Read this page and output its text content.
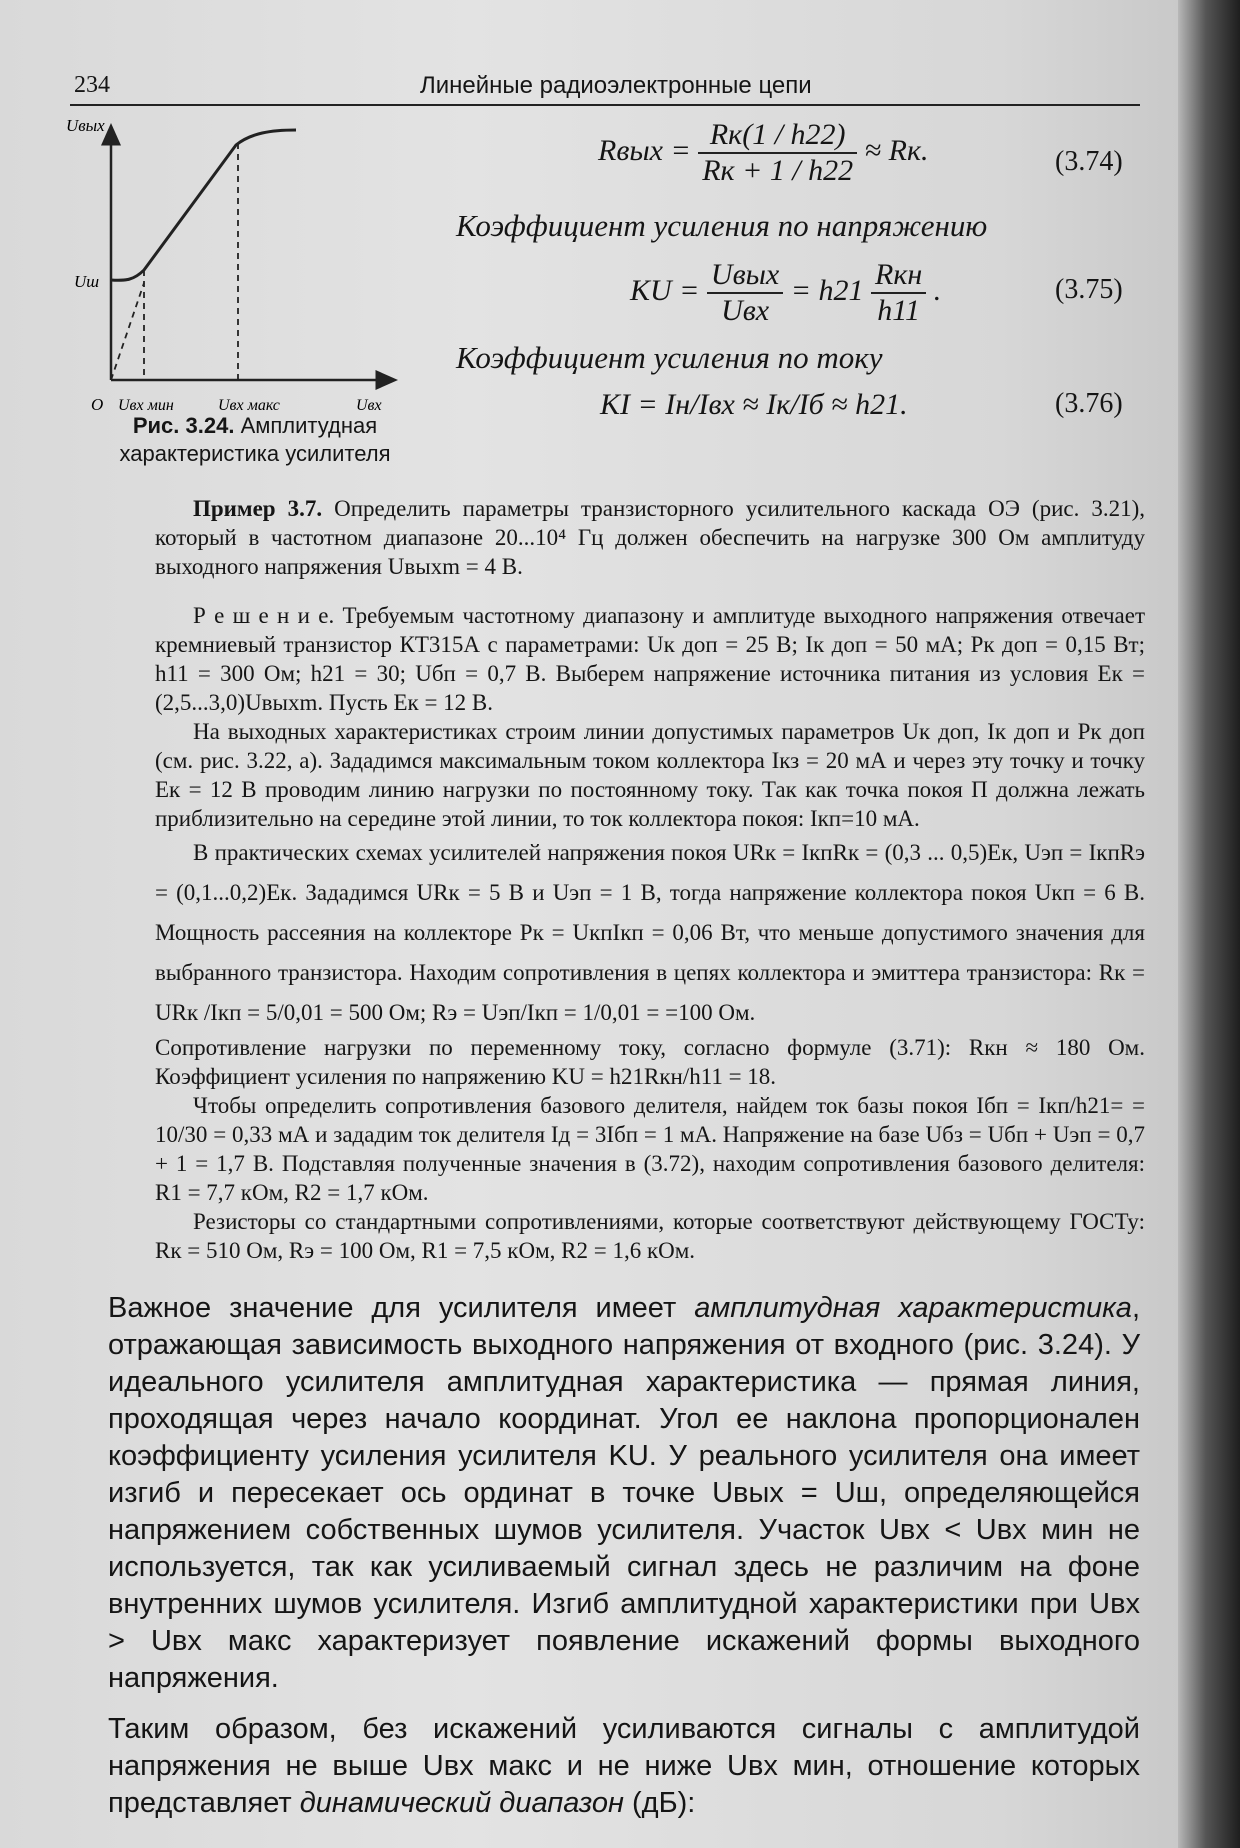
234	Линейные радиоэлектронные цепи
Uвых
Uш
O Uвх мин	Uвх макс	Uвх
Рис. 3.24. Амплитудная
характеристика усилителя
Rвых = $\frac{Rк(1 / h22)}{Rк + 1 / h22}$ ≈ Rк.	(3.74)
Коэффициент усиления по напряжению
KU = $\frac{\text{Uвых}}{\text{Uвх}} = h21 \frac{\text{Rкн}}{h11}$ .	(3.75)
Коэффициент усиления по току
KI = Iн/Iвх ≈ Iк/Iб ≈ h21.	(3.76)

Пример 3.7. Определить параметры транзисторного усилительного каскада ОЭ (рис. 3.21), который в частотном диапазоне 20...10⁴ Гц должен обеспечить на нагрузке 300 Ом амплитуду выходного напряжения Uвыхm = 4 В.

Р е ш е н и е. Требуемым частотному диапазону и амплитуде выходного напряжения отвечает кремниевый транзистор КТ315А с параметрами: Uк доп = 25 В; Iк доп = 50 мА; Pк доп = 0,15 Вт; h11 = 300 Ом; h21 = 30; Uбп = 0,7 В. Выберем напряжение источника питания из условия Eк = (2,5...3,0)Uвыхm. Пусть Eк = 12 В.

На выходных характеристиках строим линии допустимых параметров Uк доп, Iк доп и Pк доп (см. рис. 3.22, а). Зададимся максимальным током коллектора Iкз = 20 мА и через эту точку и точку Eк = 12 В проводим линию нагрузки по постоянному току. Так как точка покоя П должна лежать приблизительно на середине этой линии, то ток коллектора покоя: Iкп=10 мА.

В практических схемах усилителей напряжения покоя URк = IкпRк = (0,3 ... 0,5)Eк, Uэп = IкпRэ = (0,1...0,2)Eк. Зададимся URк = 5 В и Uэп = 1 В, тогда напряжение коллектора покоя Uкп = 6 В. Мощность рассеяния на коллекторе Pк = UкпIкп = 0,06 Вт, что меньше допустимого значения для выбранного транзистора. Находим сопротивления в цепях коллектора и эмиттера транзистора: Rк = URк /Iкп = 5/0,01 = 500 Ом; Rэ = Uэп/Iкп = 1/0,01 = =100 Ом.

Сопротивление нагрузки по переменному току, согласно формуле (3.71): Rкн ≈ 180 Ом. Коэффициент усиления по напряжению KU = h21Rкн/h11 = 18.

Чтобы определить сопротивления базового делителя, найдем ток базы покоя Iбп = Iкп/h21= = 10/30 = 0,33 мА и зададим ток делителя Iд = 3Iбп = 1 мА. Напряжение на базе Uбз = Uбп + Uэп = 0,7 + 1 = 1,7 В. Подставляя полученные значения в (3.72), находим сопротивления базового делителя: R1 = 7,7 кОм, R2 = 1,7 кОм.

Резисторы со стандартными сопротивлениями, которые соответствуют действующему ГОСТу: Rк = 510 Ом, Rэ = 100 Ом, R1 = 7,5 кОм, R2 = 1,6 кОм.

Важное значение для усилителя имеет амплитудная характеристика, отражающая зависимость выходного напряжения от входного (рис. 3.24). У идеального усилителя амплитудная характеристика — прямая линия, проходящая через начало координат. Угол ее наклона пропорционален коэффициенту усиления усилителя KU. У реального усилителя она имеет изгиб и пересекает ось ординат в точке Uвых = Uш, определяющейся напряжением собственных шумов усилителя. Участок Uвх < Uвх мин не используется, так как усиливаемый сигнал здесь не различим на фоне внутренних шумов усилителя. Изгиб амплитудной характеристики при Uвх > Uвх макс характеризует появление искажений формы выходного напряжения.

Таким образом, без искажений усиливаются сигналы с амплитудой напряжения не выше Uвх макс и не ниже Uвх мин, отношение которых представляет динамический диапазон (дБ):
